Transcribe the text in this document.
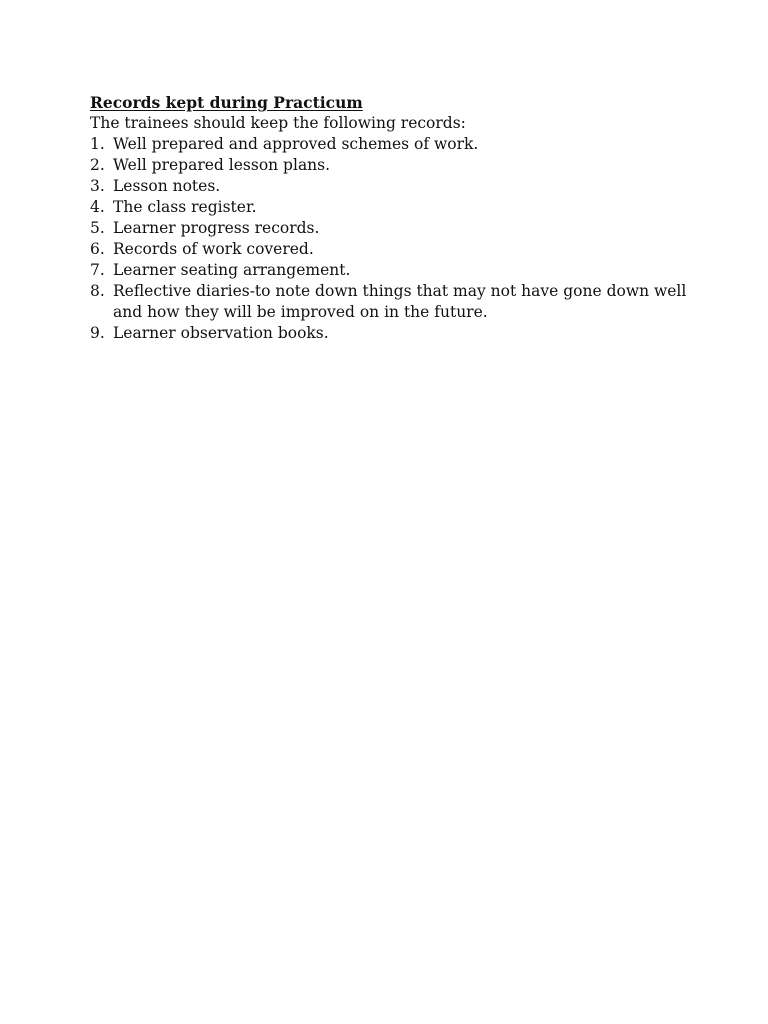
Records kept during Practicum

The trainees should keep the following records:

1. Well prepared and approved schemes of work.
2. Well prepared lesson plans.
3. Lesson notes.
4. The class register.
5. Learner progress records.
6. Records of work covered.
7. Learner seating arrangement.
8. Reflective diaries-to note down things that may not have gone down well and how they will be improved on in the future.
9. Learner observation books.
